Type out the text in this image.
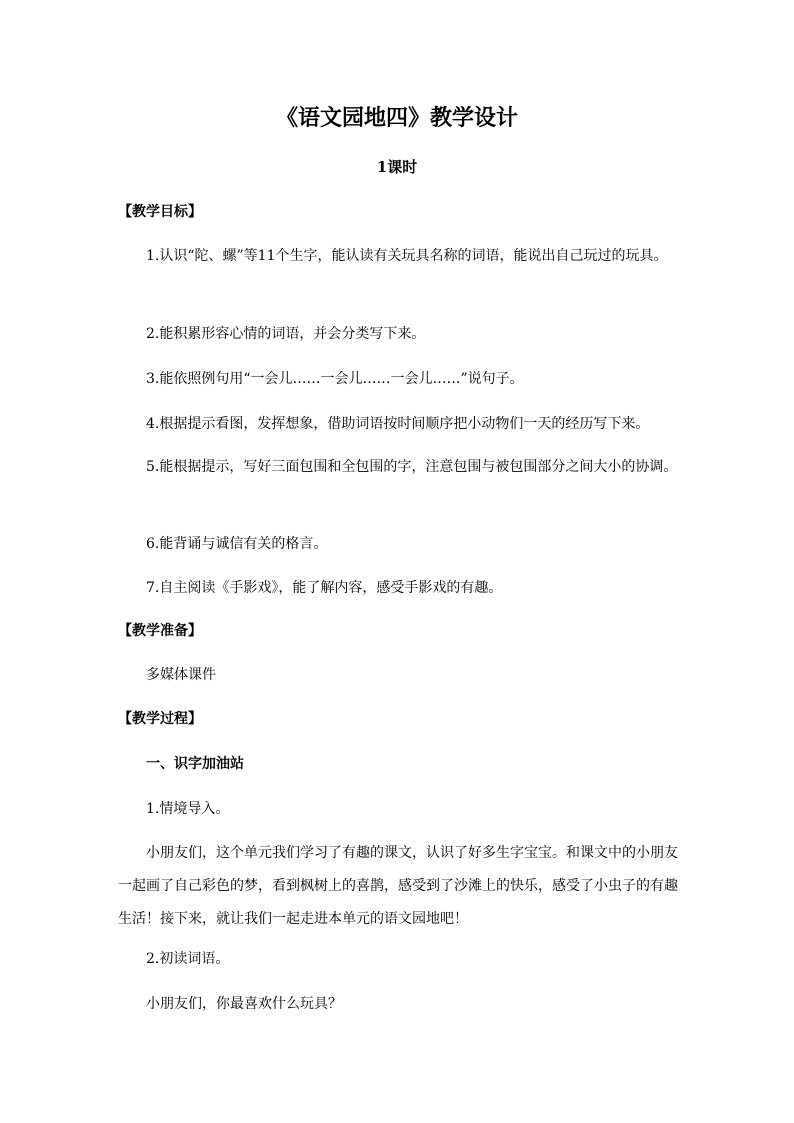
《语文园地四》教学设计
1课时
【教学目标】
1.认识“陀、螺”等11个生字，能认读有关玩具名称的词语，能说出自己玩过的玩具。
2.能积累形容心情的词语，并会分类写下来。
3.能依照例句用“一会儿……一会儿……一会儿……”说句子。
4.根据提示看图，发挥想象，借助词语按时间顺序把小动物们一天的经历写下来。
5.能根据提示，写好三面包围和全包围的字，注意包围与被包围部分之间大小的协调。
6.能背诵与诚信有关的格言。
7.自主阅读《手影戏》，能了解内容，感受手影戏的有趣。
【教学准备】
多媒体课件
【教学过程】
一、识字加油站
1.情境导入。
小朋友们，这个单元我们学习了有趣的课文，认识了好多生字宝宝。和课文中的小朋友一起画了自己彩色的梦，看到枫树上的喜鹊，感受到了沙滩上的快乐，感受了小虫子的有趣生活！接下来，就让我们一起走进本单元的语文园地吧！
2.初读词语。
小朋友们，你最喜欢什么玩具？
